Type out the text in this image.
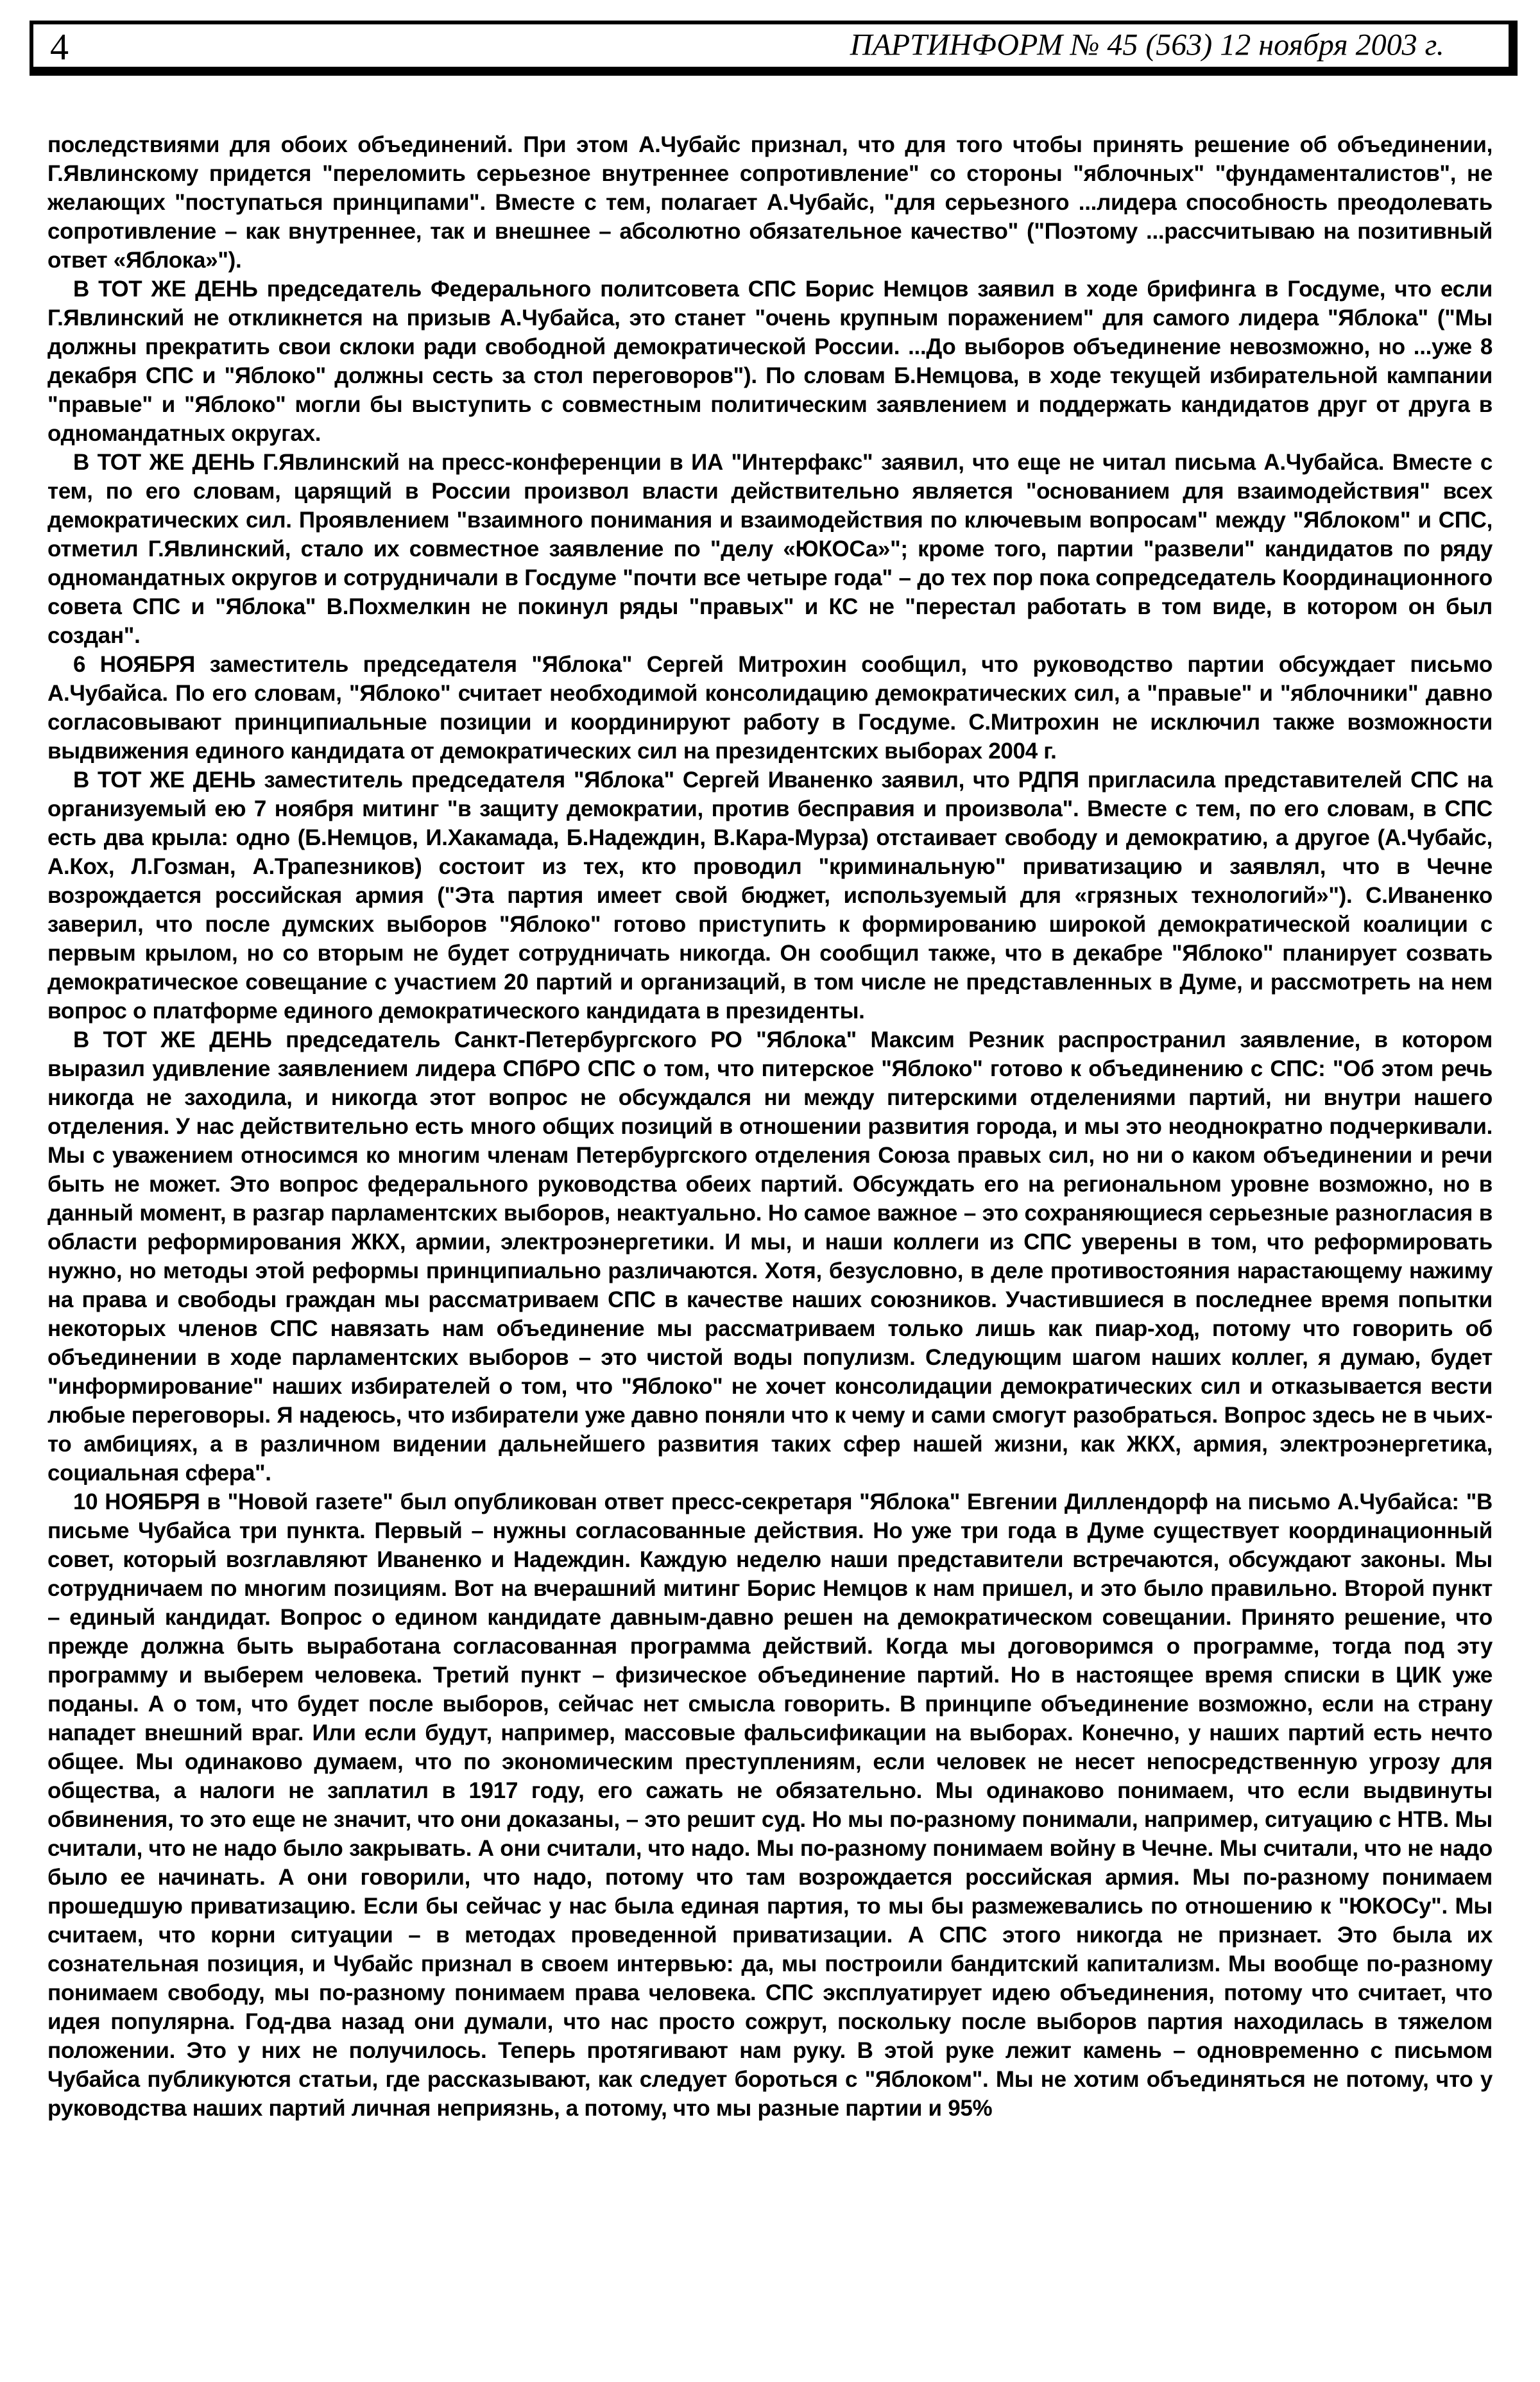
4	ПАРТИНФОРМ № 45 (563) 12 ноября 2003 г.

последствиями для обоих объединений. При этом А.Чубайс признал, что для того чтобы принять решение об объединении, Г.Явлинскому придется "переломить серьезное внутреннее сопротивление" со стороны "яблочных" "фундаменталистов", не желающих "поступаться принципами". Вместе с тем, полагает А.Чубайс, "для серьезного ...лидера способность преодолевать сопротивление – как внутреннее, так и внешнее – абсолютно обязательное качество" ("Поэтому ...рассчитываю на позитивный ответ «Яблока»").

В ТОТ ЖЕ ДЕНЬ председатель Федерального политсовета СПС Борис Немцов заявил в ходе брифинга в Госдуме, что если Г.Явлинский не откликнется на призыв А.Чубайса, это станет "очень крупным поражением" для самого лидера "Яблока" ("Мы должны прекратить свои склоки ради свободной демократической России. ...До выборов объединение невозможно, но ...уже 8 декабря СПС и "Яблоко" должны сесть за стол переговоров"). По словам Б.Немцова, в ходе текущей избирательной кампании "правые" и "Яблоко" могли бы выступить с совместным политическим заявлением и поддержать кандидатов друг от друга в одномандатных округах.

В ТОТ ЖЕ ДЕНЬ Г.Явлинский на пресс-конференции в ИА "Интерфакс" заявил, что еще не читал письма А.Чубайса. Вместе с тем, по его словам, царящий в России произвол власти действительно является "основанием для взаимодействия" всех демократических сил. Проявлением "взаимного понимания и взаимодействия по ключевым вопросам" между "Яблоком" и СПС, отметил Г.Явлинский, стало их совместное заявление по "делу «ЮКОСа»"; кроме того, партии "развели" кандидатов по ряду одномандатных округов и сотрудничали в Госдуме "почти все четыре года" – до тех пор пока сопредседатель Координационного совета СПС и "Яблока" В.Похмелкин не покинул ряды "правых" и КС не "перестал работать в том виде, в котором он был создан".

6 НОЯБРЯ заместитель председателя "Яблока" Сергей Митрохин сообщил, что руководство партии обсуждает письмо А.Чубайса. По его словам, "Яблоко" считает необходимой консолидацию демократических сил, а "правые" и "яблочники" давно согласовывают принципиальные позиции и координируют работу в Госдуме. С.Митрохин не исключил также возможности выдвижения единого кандидата от демократических сил на президентских выборах 2004 г.

В ТОТ ЖЕ ДЕНЬ заместитель председателя "Яблока" Сергей Иваненко заявил, что РДПЯ пригласила представителей СПС на организуемый ею 7 ноября митинг "в защиту демократии, против бесправия и произвола". Вместе с тем, по его словам, в СПС есть два крыла: одно (Б.Немцов, И.Хакамада, Б.Надеждин, В.Кара-Мурза) отстаивает свободу и демократию, а другое (А.Чубайс, А.Кох, Л.Гозман, А.Трапезников) состоит из тех, кто проводил "криминальную" приватизацию и заявлял, что в Чечне возрождается российская армия ("Эта партия имеет свой бюджет, используемый для «грязных технологий»"). С.Иваненко заверил, что после думских выборов "Яблоко" готово приступить к формированию широкой демократической коалиции с первым крылом, но со вторым не будет сотрудничать никогда. Он сообщил также, что в декабре "Яблоко" планирует созвать демократическое совещание с участием 20 партий и организаций, в том числе не представленных в Думе, и рассмотреть на нем вопрос о платформе единого демократического кандидата в президенты.

В ТОТ ЖЕ ДЕНЬ председатель Санкт-Петербургского РО "Яблока" Максим Резник распространил заявление, в котором выразил удивление заявлением лидера СПбРО СПС о том, что питерское "Яблоко" готово к объединению с СПС: "Об этом речь никогда не заходила, и никогда этот вопрос не обсуждался ни между питерскими отделениями партий, ни внутри нашего отделения. У нас действительно есть много общих позиций в отношении развития города, и мы это неоднократно подчеркивали. Мы с уважением относимся ко многим членам Петербургского отделения Союза правых сил, но ни о каком объединении и речи быть не может. Это вопрос федерального руководства обеих партий. Обсуждать его на региональном уровне возможно, но в данный момент, в разгар парламентских выборов, неактуально. Но самое важное – это сохраняющиеся серьезные разногласия в области реформирования ЖКХ, армии, электроэнергетики. И мы, и наши коллеги из СПС уверены в том, что реформировать нужно, но методы этой реформы принципиально различаются. Хотя, безусловно, в деле противостояния нарастающему нажиму на права и свободы граждан мы рассматриваем СПС в качестве наших союзников. Участившиеся в последнее время попытки некоторых членов СПС навязать нам объединение мы рассматриваем только лишь как пиар-ход, потому что говорить об объединении в ходе парламентских выборов – это чистой воды популизм. Следующим шагом наших коллег, я думаю, будет "информирование" наших избирателей о том, что "Яблоко" не хочет консолидации демократических сил и отказывается вести любые переговоры. Я надеюсь, что избиратели уже давно поняли что к чему и сами смогут разобраться. Вопрос здесь не в чьих-то амбициях, а в различном видении дальнейшего развития таких сфер нашей жизни, как ЖКХ, армия, электроэнергетика, социальная сфера".

10 НОЯБРЯ в "Новой газете" был опубликован ответ пресс-секретаря "Яблока" Евгении Диллендорф на письмо А.Чубайса: "В письме Чубайса три пункта. Первый – нужны согласованные действия. Но уже три года в Думе существует координационный совет, который возглавляют Иваненко и Надеждин. Каждую неделю наши представители встречаются, обсуждают законы. Мы сотрудничаем по многим позициям. Вот на вчерашний митинг Борис Немцов к нам пришел, и это было правильно. Второй пункт – единый кандидат. Вопрос о едином кандидате давным-давно решен на демократическом совещании. Принято решение, что прежде должна быть выработана согласованная программа действий. Когда мы договоримся о программе, тогда под эту программу и выберем человека. Третий пункт – физическое объединение партий. Но в настоящее время списки в ЦИК уже поданы. А о том, что будет после выборов, сейчас нет смысла говорить. В принципе объединение возможно, если на страну нападет внешний враг. Или если будут, например, массовые фальсификации на выборах. Конечно, у наших партий есть нечто общее. Мы одинаково думаем, что по экономическим преступлениям, если человек не несет непосредственную угрозу для общества, а налоги не заплатил в 1917 году, его сажать не обязательно. Мы одинаково понимаем, что если выдвинуты обвинения, то это еще не значит, что они доказаны, – это решит суд. Но мы по-разному понимали, например, ситуацию с НТВ. Мы считали, что не надо было закрывать. А они считали, что надо. Мы по-разному понимаем войну в Чечне. Мы считали, что не надо было ее начинать. А они говорили, что надо, потому что там возрождается российская армия. Мы по-разному понимаем прошедшую приватизацию. Если бы сейчас у нас была единая партия, то мы бы размежевались по отношению к "ЮКОСу". Мы считаем, что корни ситуации – в методах проведенной приватизации. А СПС этого никогда не признает. Это была их сознательная позиция, и Чубайс признал в своем интервью: да, мы построили бандитский капитализм. Мы вообще по-разному понимаем свободу, мы по-разному понимаем права человека. СПС эксплуатирует идею объединения, потому что считает, что идея популярна. Год-два назад они думали, что нас просто сожрут, поскольку после выборов партия находилась в тяжелом положении. Это у них не получилось. Теперь протягивают нам руку. В этой руке лежит камень – одновременно с письмом Чубайса публикуются статьи, где рассказывают, как следует бороться с "Яблоком". Мы не хотим объединяться не потому, что у руководства наших партий личная неприязнь, а потому, что мы разные партии и 95%
